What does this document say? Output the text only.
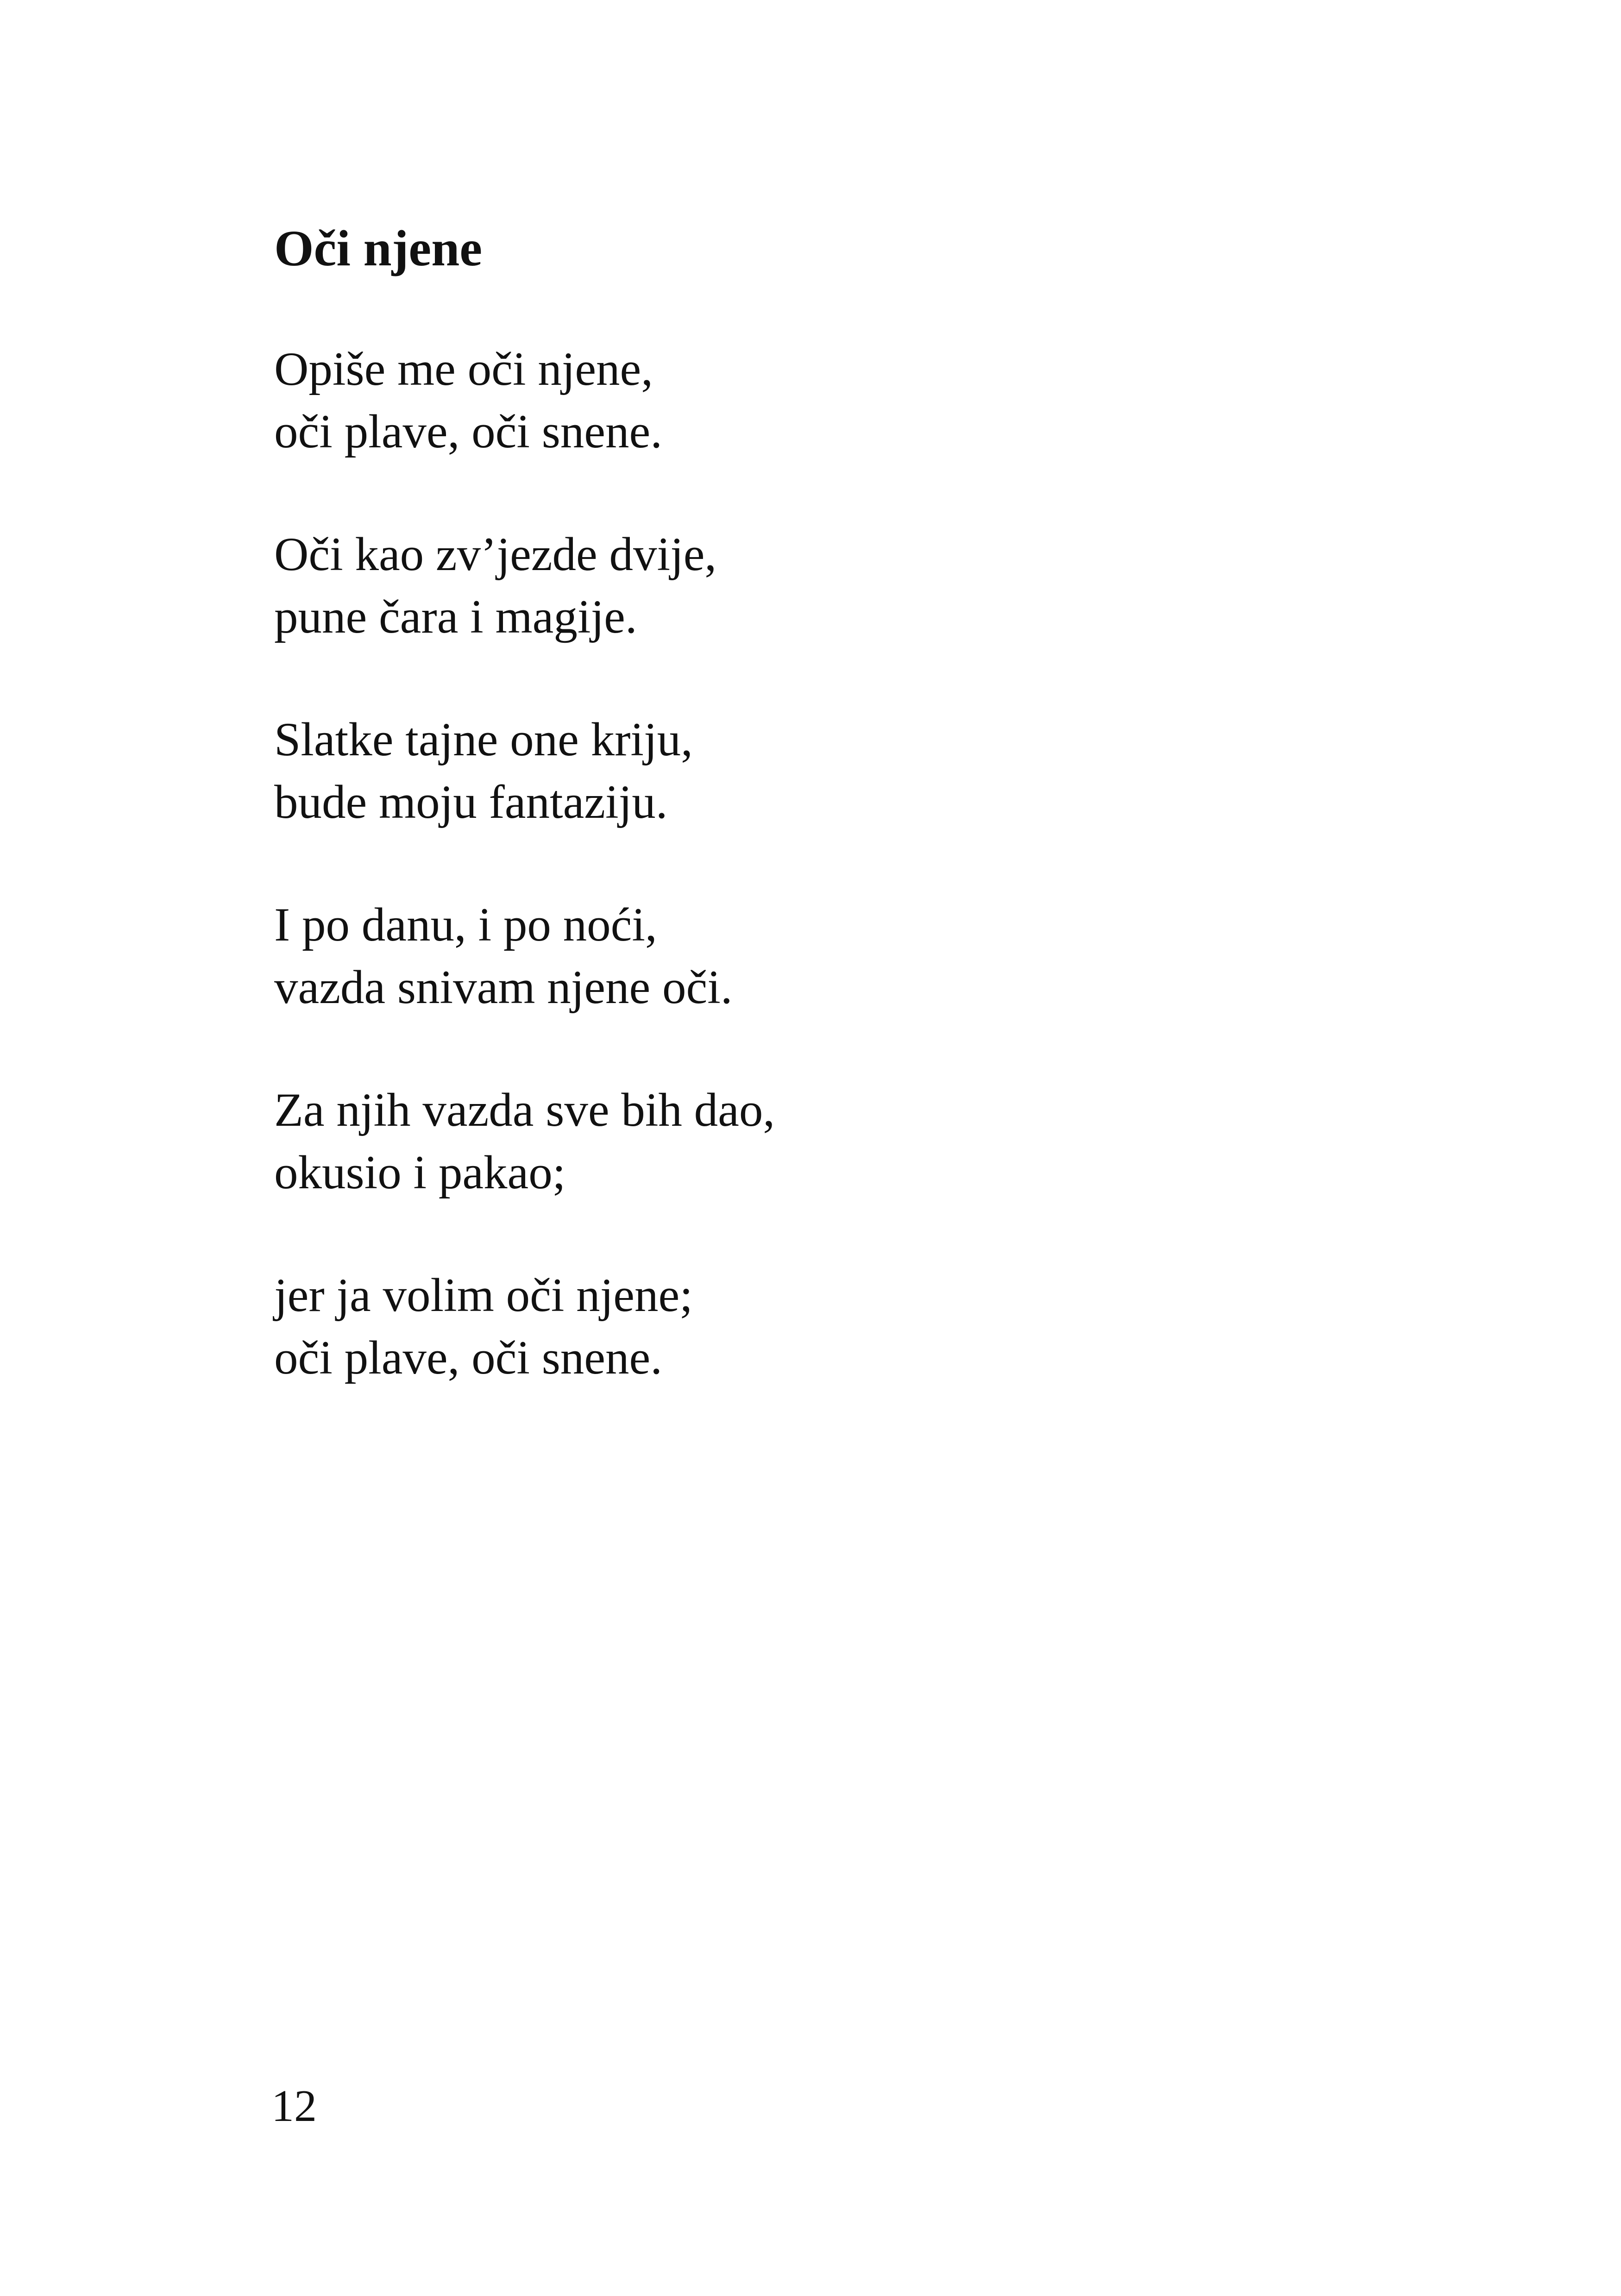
Oči njene

Opiše me oči njene,
oči plave, oči snene.

Oči kao zv’jezde dvije,
pune čara i magije.

Slatke tajne one kriju,
bude moju fantaziju.

I po danu, i po noći,
vazda snivam njene oči.

Za njih vazda sve bih dao,
okusio i pakao;

jer ja volim oči njene;
oči plave, oči snene.

12
